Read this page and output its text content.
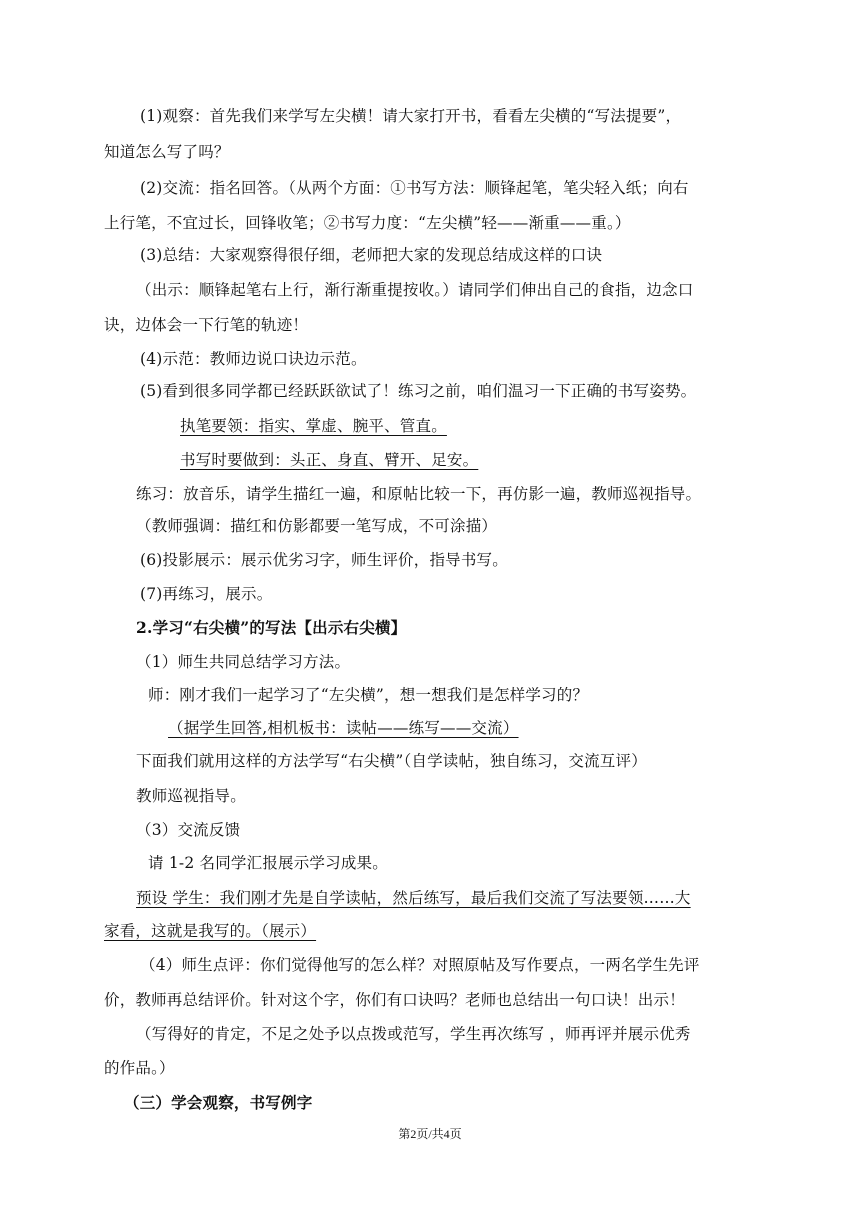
(1)观察：首先我们来学写左尖横！请大家打开书，看看左尖横的“写法提要”，
知道怎么写了吗？
(2)交流：指名回答。（从两个方面：①书写方法：顺锋起笔，笔尖轻入纸；向右
上行笔，不宜过长，回锋收笔；②书写力度：“左尖横”轻——渐重——重。）
(3)总结：大家观察得很仔细，老师把大家的发现总结成这样的口诀
（出示：顺锋起笔右上行，渐行渐重提按收。）请同学们伸出自己的食指，边念口
诀，边体会一下行笔的轨迹！
(4)示范：教师边说口诀边示范。
(5)看到很多同学都已经跃跃欲试了！练习之前，咱们温习一下正确的书写姿势。
执笔要领：指实、掌虚、腕平、管直。
书写时要做到：头正、身直、臂开、足安。
练习：放音乐，请学生描红一遍，和原帖比较一下，再仿影一遍，教师巡视指导。
（教师强调：描红和仿影都要一笔写成，不可涂描）
(6)投影展示：展示优劣习字，师生评价，指导书写。
(7)再练习，展示。
2.学习“右尖横”的写法【出示右尖横】
（1）师生共同总结学习方法。
师：刚才我们一起学习了“左尖横”，想一想我们是怎样学习的？
（据学生回答,相机板书：读帖——练写——交流）
下面我们就用这样的方法学写“右尖横”（自学读帖，独自练习，交流互评）
教师巡视指导。
（3）交流反馈
请 1-2 名同学汇报展示学习成果。
预设 学生：我们刚才先是自学读帖，然后练写，最后我们交流了写法要领……大
家看，这就是我写的。（展示）
（4）师生点评：你们觉得他写的怎么样？对照原帖及写作要点，一两名学生先评
价，教师再总结评价。针对这个字，你们有口诀吗？老师也总结出一句口诀！出示！
（写得好的肯定，不足之处予以点拨或范写，学生再次练写 ，师再评并展示优秀
的作品。）
（三）学会观察，书写例字
第2页/共4页
